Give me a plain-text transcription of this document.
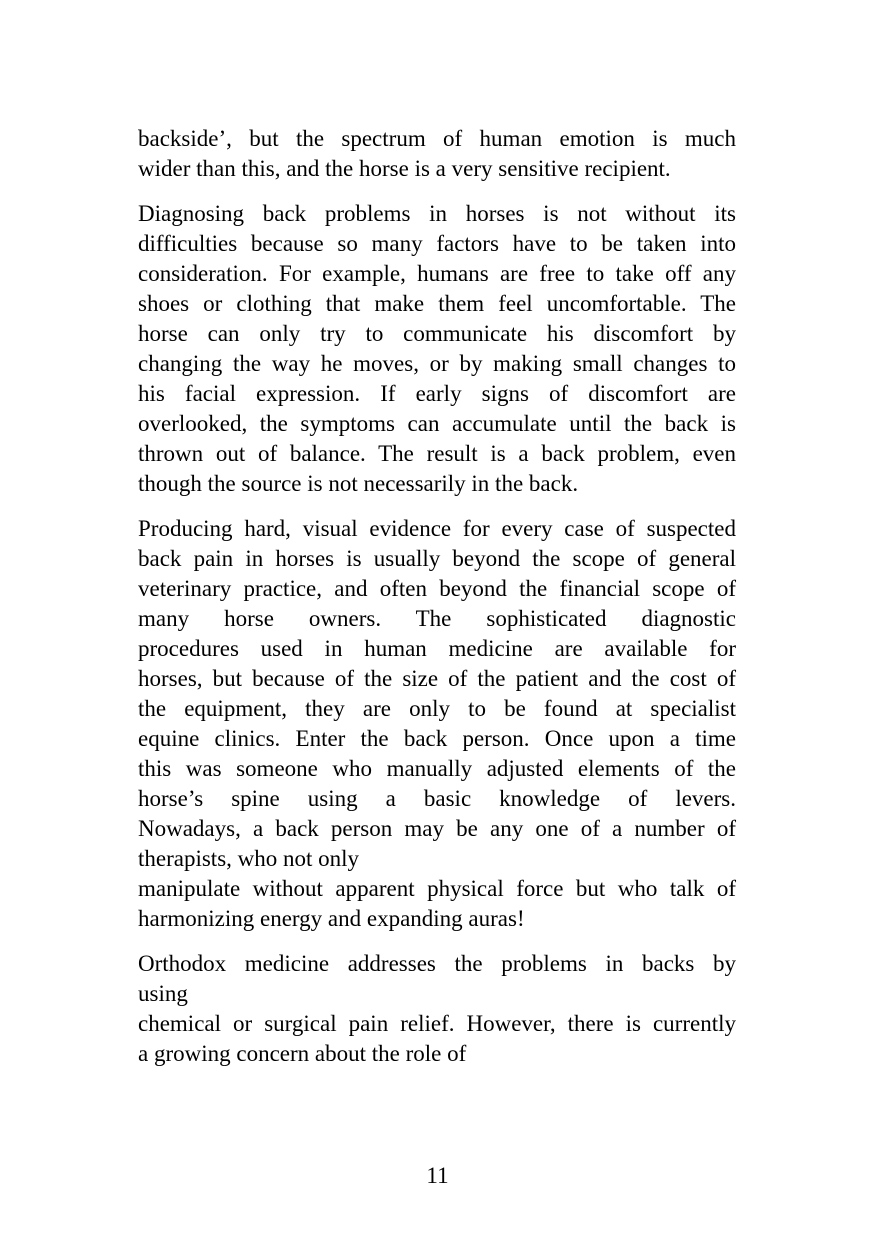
backside’, but the spectrum of human emotion is much
wider than this, and the horse is a very sensitive recipient.

Diagnosing back problems in horses is not without its
difficulties because so many factors have to be taken into
consideration. For example, humans are free to take off any
shoes or clothing that make them feel uncomfortable. The
horse can only try to communicate his discomfort by
changing the way he moves, or by making small changes to
his facial expression. If early signs of discomfort are
overlooked, the symptoms can accumulate until the back is
thrown out of balance. The result is a back problem, even
though the source is not necessarily in the back.

Producing hard, visual evidence for every case of suspected
back pain in horses is usually beyond the scope of general
veterinary practice, and often beyond the financial scope of
many horse owners. The sophisticated diagnostic
procedures used in human medicine are available for
horses, but because of the size of the patient and the cost of
the equipment, they are only to be found at specialist
equine clinics. Enter the back person. Once upon a time
this was someone who manually adjusted elements of the
horse’s spine using a basic knowledge of levers.
Nowadays, a back person may be any one of a number of
therapists, who not only
manipulate without apparent physical force but who talk of
harmonizing energy and expanding auras!

Orthodox medicine addresses the problems in backs by
using
chemical or surgical pain relief. However, there is currently
a growing concern about the role of

11
